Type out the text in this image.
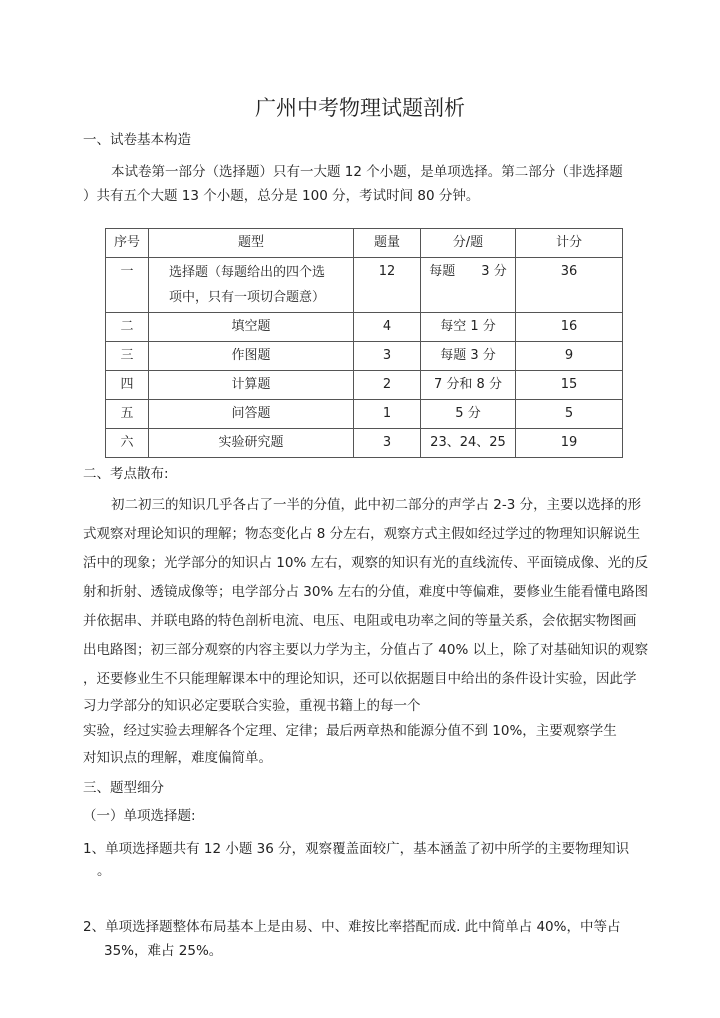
广州中考物理试题剖析
一、试卷基本构造
本试卷第一部分（选择题）只有一大题 12 个小题，是单项选择。第二部分（非选择题
）共有五个大题 13 个小题，总分是 100 分，考试时间 80 分钟。
序号	题型	题量	分/题	计分
一	选择题（每题给出的四个选
项中，只有一项切合题意）	12	每题　　3 分	36
二	填空题	4	每空 1 分	16
三	作图题	3	每题 3 分	9
四	计算题	2	7 分和 8 分	15
五	问答题	1	5 分	5
六	实验研究题	3	23、24、25	19
二、考点散布:
初二初三的知识几乎各占了一半的分值，此中初二部分的声学占 2-3 分，主要以选择的形
式观察对理论知识的理解；物态变化占 8 分左右，观察方式主假如经过学过的物理知识解说生
活中的现象；光学部分的知识占 10% 左右，观察的知识有光的直线流传、平面镜成像、光的反
射和折射、透镜成像等；电学部分占 30% 左右的分值，难度中等偏难，要修业生能看懂电路图
并依据串、并联电路的特色剖析电流、电压、电阻或电功率之间的等量关系，会依据实物图画
出电路图；初三部分观察的内容主要以力学为主，分值占了 40% 以上，除了对基础知识的观察
，还要修业生不只能理解课本中的理论知识，还可以依据题目中给出的条件设计实验，因此学
习力学部分的知识必定要联合实验，重视书籍上的每一个
实验，经过实验去理解各个定理、定律；最后两章热和能源分值不到 10%，主要观察学生
对知识点的理解，难度偏简单。
三、题型细分
（一）单项选择题:
1、单项选择题共有 12 小题 36 分，观察覆盖面较广，基本涵盖了初中所学的主要物理知识
。
2、单项选择题整体布局基本上是由易、中、难按比率搭配而成. 此中简单占 40%，中等占
35%，难占 25%。
